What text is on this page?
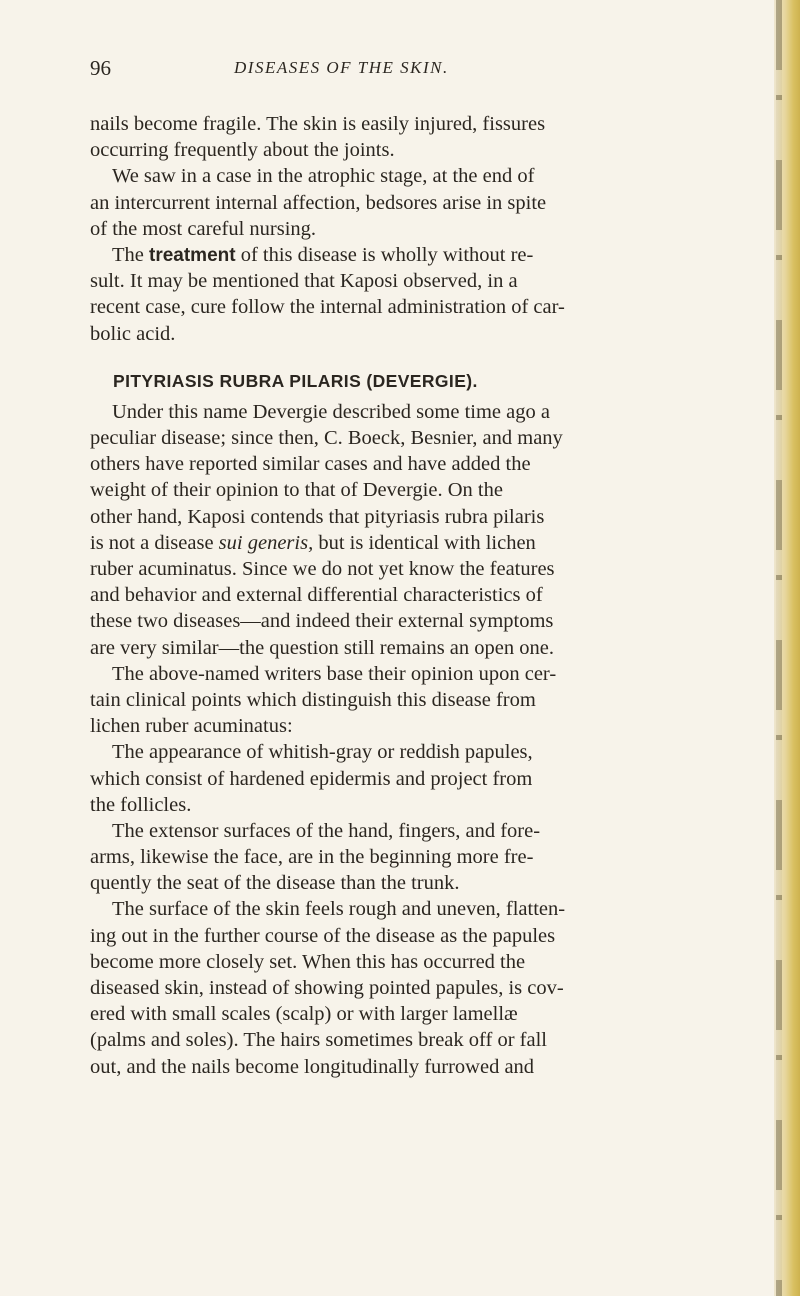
96	DISEASES OF THE SKIN.
nails become fragile. The skin is easily injured, fissures
occurring frequently about the joints.
We saw in a case in the atrophic stage, at the end of
an intercurrent internal affection, bedsores arise in spite
of the most careful nursing.
The treatment of this disease is wholly without re-
sult. It may be mentioned that Kaposi observed, in a
recent case, cure follow the internal administration of car-
bolic acid.
PITYRIASIS RUBRA PILARIS (DEVERGIE).
Under this name Devergie described some time ago a
peculiar disease; since then, C. Boeck, Besnier, and many
others have reported similar cases and have added the
weight of their opinion to that of Devergie. On the
other hand, Kaposi contends that pityriasis rubra pilaris
is not a disease sui generis, but is identical with lichen
ruber acuminatus. Since we do not yet know the features
and behavior and external differential characteristics of
these two diseases—and indeed their external symptoms
are very similar—the question still remains an open one.
The above-named writers base their opinion upon cer-
tain clinical points which distinguish this disease from
lichen ruber acuminatus:
The appearance of whitish-gray or reddish papules,
which consist of hardened epidermis and project from
the follicles.
The extensor surfaces of the hand, fingers, and fore-
arms, likewise the face, are in the beginning more fre-
quently the seat of the disease than the trunk.
The surface of the skin feels rough and uneven, flatten-
ing out in the further course of the disease as the papules
become more closely set. When this has occurred the
diseased skin, instead of showing pointed papules, is cov-
ered with small scales (scalp) or with larger lamellæ
(palms and soles). The hairs sometimes break off or fall
out, and the nails become longitudinally furrowed and
